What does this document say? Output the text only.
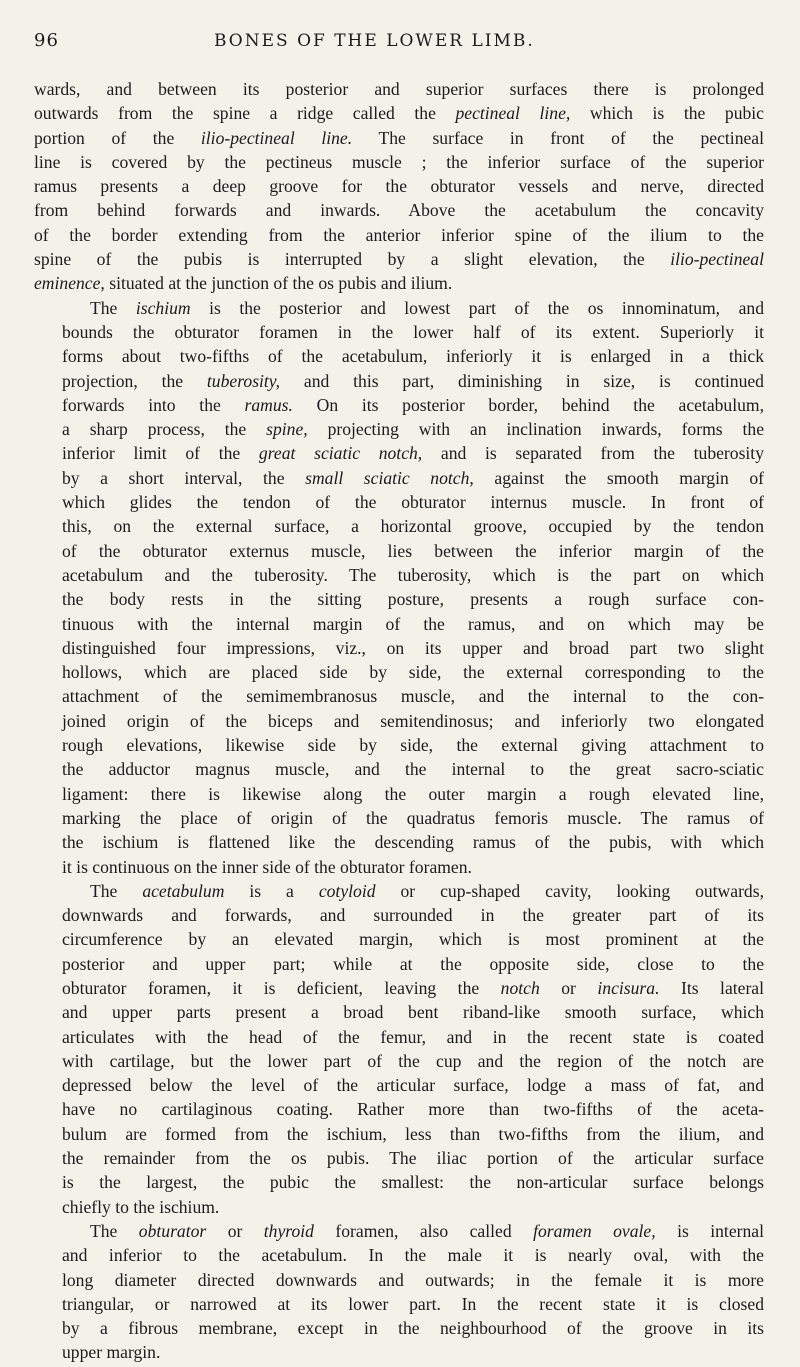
96	BONES OF THE LOWER LIMB.

wards, and between its posterior and superior surfaces there is prolonged
outwards from the spine a ridge called the pectineal line, which is the pubic
portion of the ilio-pectineal line. The surface in front of the pectineal
line is covered by the pectineus muscle ; the inferior surface of the superior
ramus presents a deep groove for the obturator vessels and nerve, directed
from behind forwards and inwards. Above the acetabulum the concavity
of the border extending from the anterior inferior spine of the ilium to the
spine of the pubis is interrupted by a slight elevation, the ilio-pectineal
eminence, situated at the junction of the os pubis and ilium.

The ischium is the posterior and lowest part of the os innominatum, and
bounds the obturator foramen in the lower half of its extent. Superiorly it
forms about two-fifths of the acetabulum, inferiorly it is enlarged in a thick
projection, the tuberosity, and this part, diminishing in size, is continued
forwards into the ramus. On its posterior border, behind the acetabulum,
a sharp process, the spine, projecting with an inclination inwards, forms the
inferior limit of the great sciatic notch, and is separated from the tuberosity
by a short interval, the small sciatic notch, against the smooth margin of
which glides the tendon of the obturator internus muscle. In front of
this, on the external surface, a horizontal groove, occupied by the tendon
of the obturator externus muscle, lies between the inferior margin of the
acetabulum and the tuberosity. The tuberosity, which is the part on which
the body rests in the sitting posture, presents a rough surface con-
tinuous with the internal margin of the ramus, and on which may be
distinguished four impressions, viz., on its upper and broad part two slight
hollows, which are placed side by side, the external corresponding to the
attachment of the semimembranosus muscle, and the internal to the con-
joined origin of the biceps and semitendinosus; and inferiorly two elongated
rough elevations, likewise side by side, the external giving attachment to
the adductor magnus muscle, and the internal to the great sacro-sciatic
ligament: there is likewise along the outer margin a rough elevated line,
marking the place of origin of the quadratus femoris muscle. The ramus of
the ischium is flattened like the descending ramus of the pubis, with which
it is continuous on the inner side of the obturator foramen.

The acetabulum is a cotyloid or cup-shaped cavity, looking outwards,
downwards and forwards, and surrounded in the greater part of its
circumference by an elevated margin, which is most prominent at the
posterior and upper part; while at the opposite side, close to the
obturator foramen, it is deficient, leaving the notch or incisura. Its lateral
and upper parts present a broad bent riband-like smooth surface, which
articulates with the head of the femur, and in the recent state is coated
with cartilage, but the lower part of the cup and the region of the notch are
depressed below the level of the articular surface, lodge a mass of fat, and
have no cartilaginous coating. Rather more than two-fifths of the aceta-
bulum are formed from the ischium, less than two-fifths from the ilium, and
the remainder from the os pubis. The iliac portion of the articular surface
is the largest, the pubic the smallest: the non-articular surface belongs
chiefly to the ischium.

The obturator or thyroid foramen, also called foramen ovale, is internal
and inferior to the acetabulum. In the male it is nearly oval, with the
long diameter directed downwards and outwards; in the female it is more
triangular, or narrowed at its lower part. In the recent state it is closed
by a fibrous membrane, except in the neighbourhood of the groove in its
upper margin.
